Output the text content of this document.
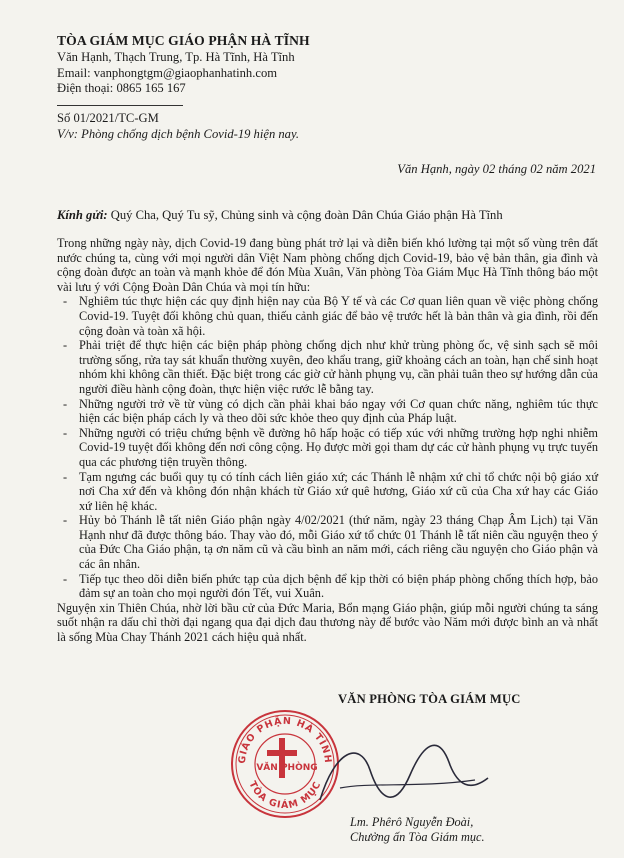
TÒA GIÁM MỤC GIÁO PHẬN HÀ TĨNH
Văn Hạnh, Thạch Trung, Tp. Hà Tĩnh, Hà Tĩnh
Email: vanphongtgm@giaophanhatinh.com
Điện thoại: 0865 165 167
Số 01/2021/TC-GM
V/v: Phòng chống dịch bệnh Covid-19 hiện nay.
Văn Hạnh, ngày 02 tháng 02 năm 2021
Kính gửi: Quý Cha, Quý Tu sỹ, Chủng sinh và cộng đoàn Dân Chúa Giáo phận Hà Tĩnh

Trong những ngày này, dịch Covid-19 đang bùng phát trở lại và diễn biến khó lường tại một số vùng trên đất nước chúng ta, cùng với mọi người dân Việt Nam phòng chống dịch Covid-19, bảo vệ bản thân, gia đình và cộng đoàn được an toàn và mạnh khỏe để đón Mùa Xuân, Văn phòng Tòa Giám Mục Hà Tĩnh thông báo một vài lưu ý với Cộng Đoàn Dân Chúa và mọi tín hữu:

- Nghiêm túc thực hiện các quy định hiện nay của Bộ Y tế và các Cơ quan liên quan về việc phòng chống Covid-19. Tuyệt đối không chủ quan, thiếu cảnh giác để bảo vệ trước hết là bản thân và gia đình, rồi đến cộng đoàn và toàn xã hội.
- Phải triệt để thực hiện các biện pháp phòng chống dịch như khử trùng phòng ốc, vệ sinh sạch sẽ môi trường sống, rửa tay sát khuẩn thường xuyên, đeo khẩu trang, giữ khoảng cách an toàn, hạn chế sinh hoạt nhóm khi không cần thiết. Đặc biệt trong các giờ cử hành phụng vụ, cần phải tuân theo sự hướng dẫn của người điều hành cộng đoàn, thực hiện việc rước lễ bằng tay.
- Những người trở về từ vùng có dịch cần phải khai báo ngay với Cơ quan chức năng, nghiêm túc thực hiện các biện pháp cách ly và theo dõi sức khỏe theo quy định của Pháp luật.
- Những người có triệu chứng bệnh về đường hô hấp hoặc có tiếp xúc với những trường hợp nghi nhiễm Covid-19 tuyệt đối không đến nơi công cộng. Họ được mời gọi tham dự các cử hành phụng vụ trực tuyến qua các phương tiện truyền thông.
- Tạm ngưng các buổi quy tụ có tính cách liên giáo xứ; các Thánh lễ nhậm xứ chỉ tổ chức nội bộ giáo xứ nơi Cha xứ đến và không đón nhận khách từ Giáo xứ quê hương, Giáo xứ cũ của Cha xứ hay các Giáo xứ liên hệ khác.
- Hủy bỏ Thánh lễ tất niên Giáo phận ngày 4/02/2021 (thứ năm, ngày 23 tháng Chạp Âm Lịch) tại Văn Hạnh như đã được thông báo. Thay vào đó, mỗi Giáo xứ tổ chức 01 Thánh lễ tất niên cầu nguyện theo ý của Đức Cha Giáo phận, tạ ơn năm cũ và cầu bình an năm mới, cách riêng cầu nguyện cho Giáo phận và các ân nhân.
- Tiếp tục theo dõi diễn biến phức tạp của dịch bệnh để kịp thời có biện pháp phòng chống thích hợp, bảo đảm sự an toàn cho mọi người đón Tết, vui Xuân.

Nguyện xin Thiên Chúa, nhờ lời bầu cử của Đức Maria, Bổn mạng Giáo phận, giúp mỗi người chúng ta sáng suốt nhận ra dấu chỉ thời đại ngang qua đại dịch đau thương này để bước vào Năm mới được bình an và nhất là sống Mùa Chay Thánh 2021 cách hiệu quả nhất.

VĂN PHÒNG TÒA GIÁM MỤC
GIÁO PHẬN HÀ TĨNH
TÒA GIÁM MỤC
VĂN PHÒNG
Lm. Phêrô Nguyễn Đoài,
Chưởng ấn Tòa Giám mục.
